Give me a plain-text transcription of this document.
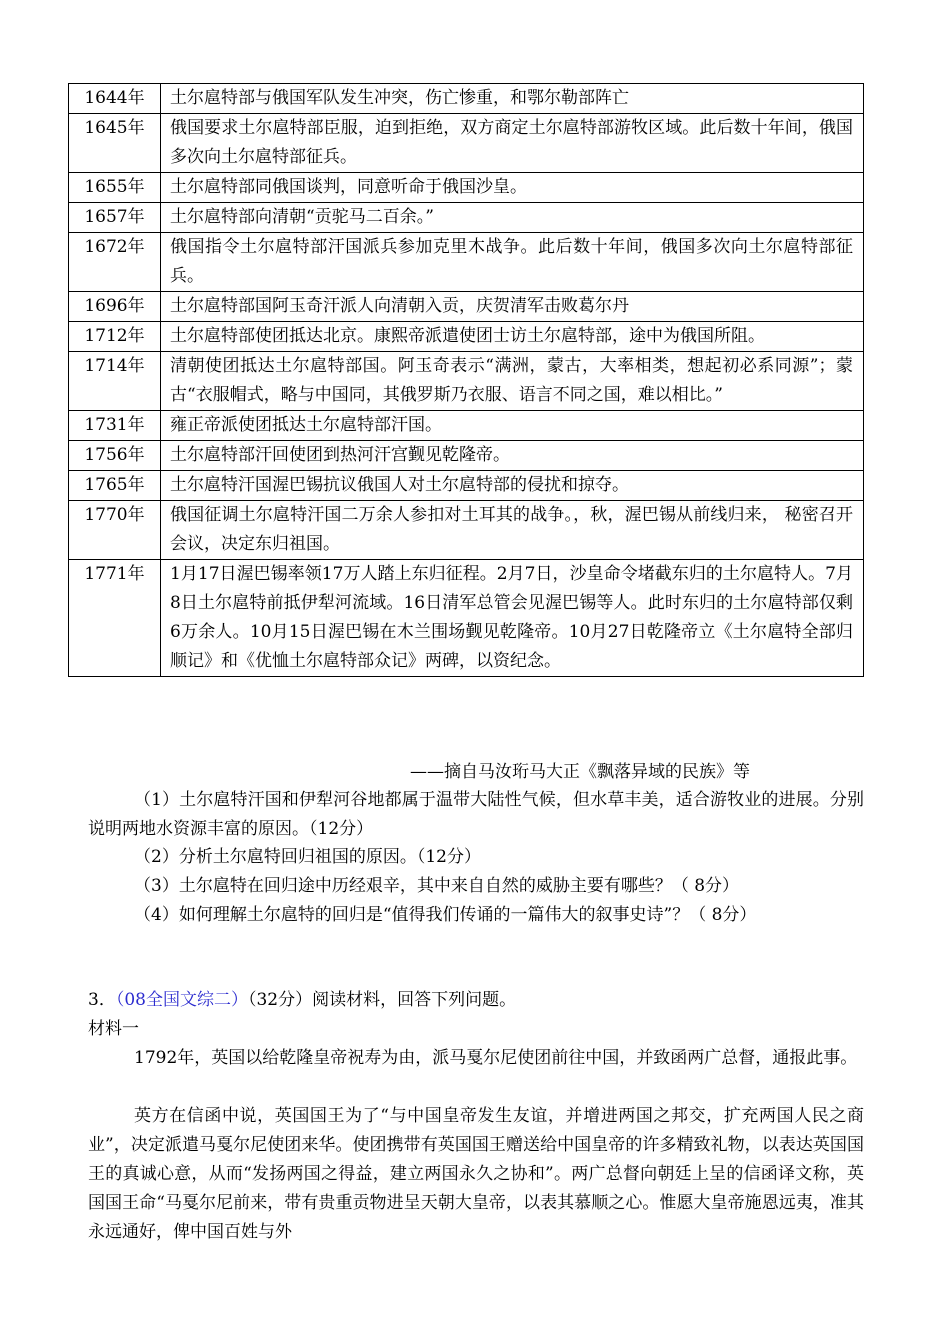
1644年	土尔扈特部与俄国军队发生冲突，伤亡惨重，和鄂尔勒部阵亡
1645年	俄国要求土尔扈特部臣服，迫到拒绝，双方商定土尔扈特部游牧区域。此后数十年间，俄国多次向土尔扈特部征兵。
1655年	土尔扈特部同俄国谈判，同意听命于俄国沙皇。
1657年	土尔扈特部向清朝“贡驼马二百余。”
1672年	俄国指令土尔扈特部汗国派兵参加克里木战争。此后数十年间，俄国多次向土尔扈特部征兵。
1696年	土尔扈特部国阿玉奇汗派人向清朝入贡，庆贺清军击败葛尔丹
1712年	土尔扈特部使团抵达北京。康熙帝派遣使团士访土尔扈特部，途中为俄国所阻。
1714年	清朝使团抵达土尔扈特部国。阿玉奇表示“满洲，蒙古，大率相类，想起初必系同源”；蒙古“衣服帽式，略与中国同，其俄罗斯乃衣服、语言不同之国，难以相比。”
1731年	雍正帝派使团抵达土尔扈特部汗国。
1756年	土尔扈特部汗回使团到热河汗宫觐见乾隆帝。
1765年	土尔扈特汗国渥巴锡抗议俄国人对土尔扈特部的侵扰和掠夺。
1770年	俄国征调土尔扈特汗国二万余人参扣对土耳其的战争。，秋，渥巴锡从前线归来， 秘密召开会议，决定东归祖国。
1771年	1月17日渥巴锡率领17万人踏上东归征程。2月7日，沙皇命令堵截东归的土尔扈特人。7月8日土尔扈特前抵伊犁河流域。16日清军总管会见渥巴锡等人。此时东归的土尔扈特部仅剩6万余人。10月15日渥巴锡在木兰围场觐见乾隆帝。10月27日乾隆帝立《土尔扈特全部归顺记》和《优恤土尔扈特部众记》两碑，以资纪念。
——摘自马汝珩马大正《飘落异域的民族》等

（1）土尔扈特汗国和伊犁河谷地都属于温带大陆性气候，但水草丰美，适合游牧业的进展。分别说明两地水资源丰富的原因。（12分）

（2）分析土尔扈特回归祖国的原因。（12分）

（3）土尔扈特在回归途中历经艰辛，其中来自自然的威胁主要有哪些？（ 8分）

（4）如何理解土尔扈特的回归是“值得我们传诵的一篇伟大的叙事史诗”？（ 8分）

3．（08全国文综二）（32分）阅读材料，回答下列问题。
材料一

1792年，英国以给乾隆皇帝祝寿为由，派马戛尔尼使团前往中国，并致函两广总督，通报此事。

英方在信函中说，英国国王为了“与中国皇帝发生友谊，并增进两国之邦交，扩充两国人民之商业”，决定派遣马戛尔尼使团来华。使团携带有英国国王赠送给中国皇帝的许多精致礼物，以表达英国国王的真诚心意，从而“发扬两国之得益，建立两国永久之协和”。两广总督向朝廷上呈的信函译文称，英国国王命“马戛尔尼前来，带有贵重贡物进呈天朝大皇帝，以表其慕顺之心。惟愿大皇帝施恩远夷，准其永远通好，俾中国百姓与外
